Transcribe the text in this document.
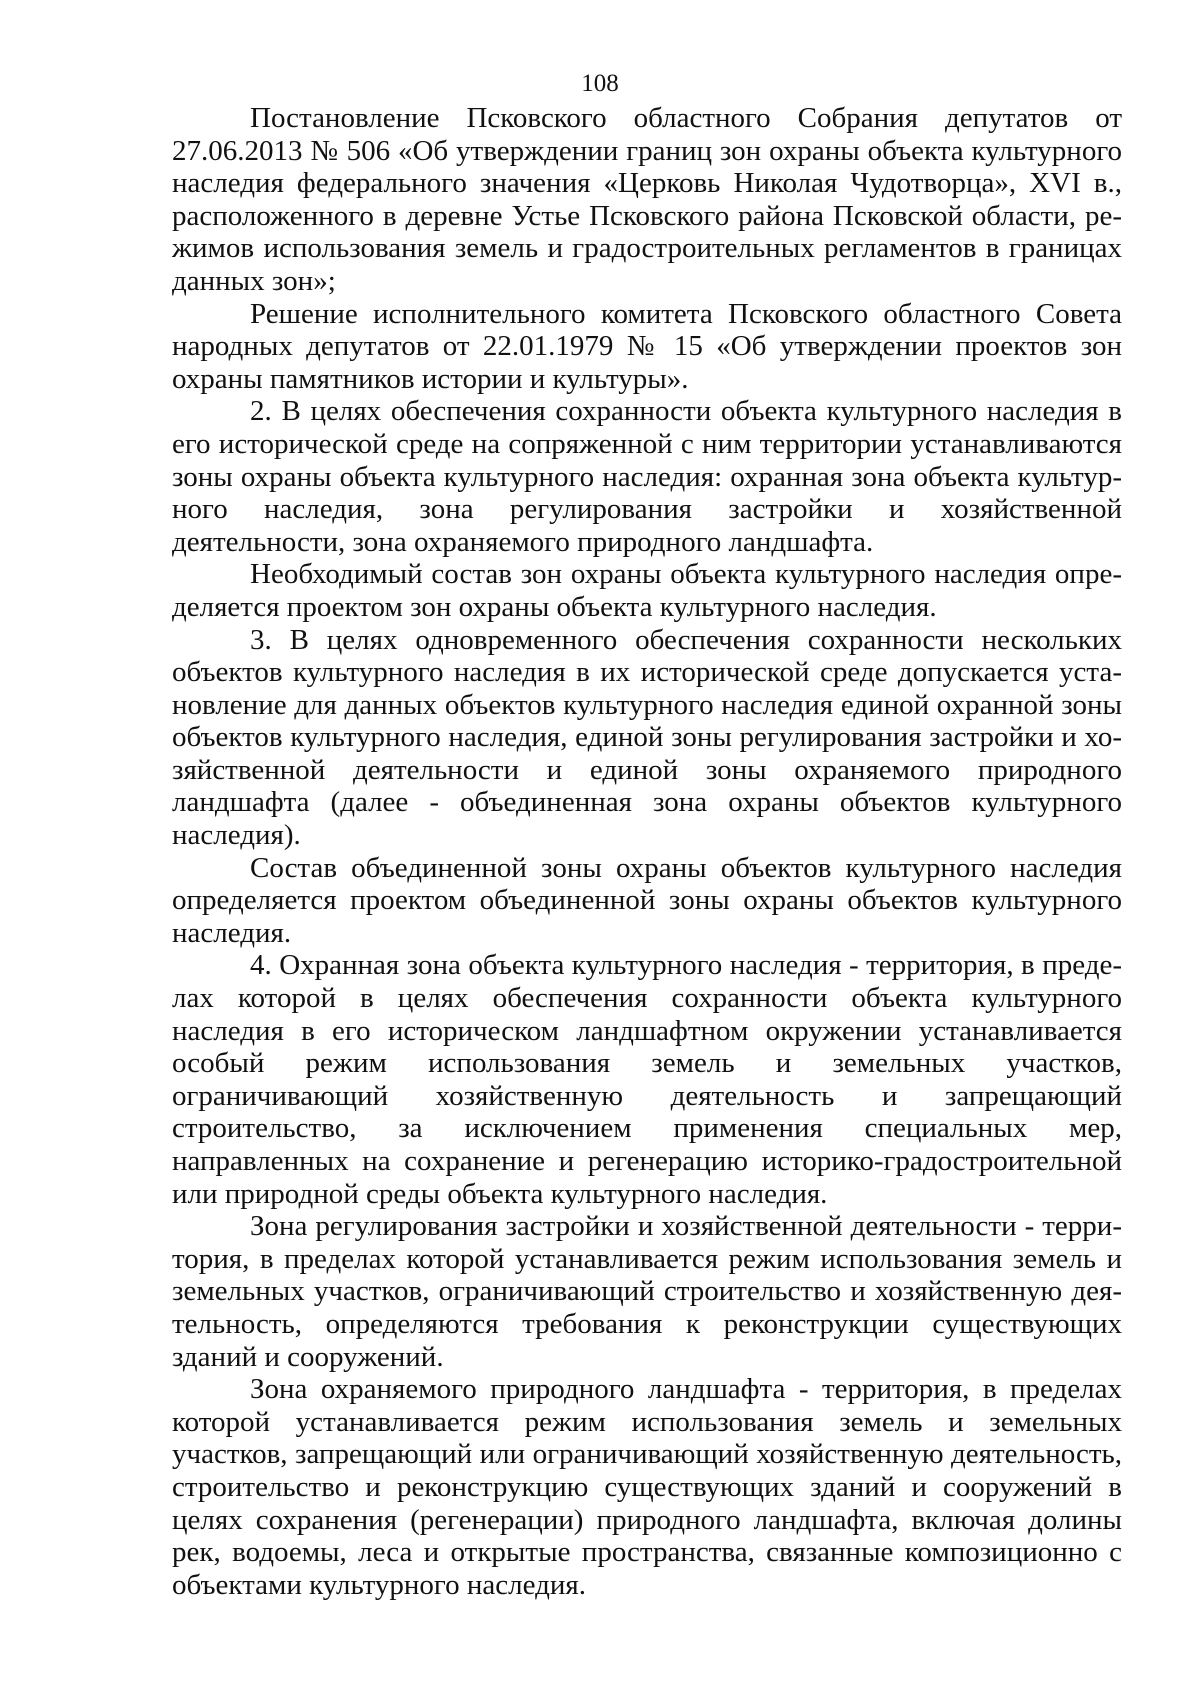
108

Постановление Псковского областного Собрания депутатов от 27.06.2013 № 506 «Об утверждении границ зон охраны объекта культурного наследия федерального значения «Церковь Николая Чудотворца», XVI в., расположенного в деревне Устье Псковского района Псковской области, режимов использования земель и градостроительных регламентов в границах данных зон»;

Решение исполнительного комитета Псковского областного Совета народных депутатов от 22.01.1979 № 15 «Об утверждении проектов зон охраны памятников истории и культуры».

2. В целях обеспечения сохранности объекта культурного наследия в его исторической среде на сопряженной с ним территории устанавливаются зоны охраны объекта культурного наследия: охранная зона объекта культурного наследия, зона регулирования застройки и хозяйственной деятельности, зона охраняемого природного ландшафта.

Необходимый состав зон охраны объекта культурного наследия определяется проектом зон охраны объекта культурного наследия.

3. В целях одновременного обеспечения сохранности нескольких объектов культурного наследия в их исторической среде допускается установление для данных объектов культурного наследия единой охранной зоны объектов культурного наследия, единой зоны регулирования застройки и хозяйственной деятельности и единой зоны охраняемого природного ландшафта (далее - объединенная зона охраны объектов культурного наследия).

Состав объединенной зоны охраны объектов культурного наследия определяется проектом объединенной зоны охраны объектов культурного наследия.

4. Охранная зона объекта культурного наследия - территория, в пределах которой в целях обеспечения сохранности объекта культурного наследия в его историческом ландшафтном окружении устанавливается особый режим использования земель и земельных участков, ограничивающий хозяйственную деятельность и запрещающий строительство, за исключением применения специальных мер, направленных на сохранение и регенерацию историко-градостроительной или природной среды объекта культурного наследия.

Зона регулирования застройки и хозяйственной деятельности - территория, в пределах которой устанавливается режим использования земель и земельных участков, ограничивающий строительство и хозяйственную деятельность, определяются требования к реконструкции существующих зданий и сооружений.

Зона охраняемого природного ландшафта - территория, в пределах которой устанавливается режим использования земель и земельных участков, запрещающий или ограничивающий хозяйственную деятельность, строительство и реконструкцию существующих зданий и сооружений в целях сохранения (регенерации) природного ландшафта, включая долины рек, водоемы, леса и открытые пространства, связанные композиционно с объектами культурного наследия.
